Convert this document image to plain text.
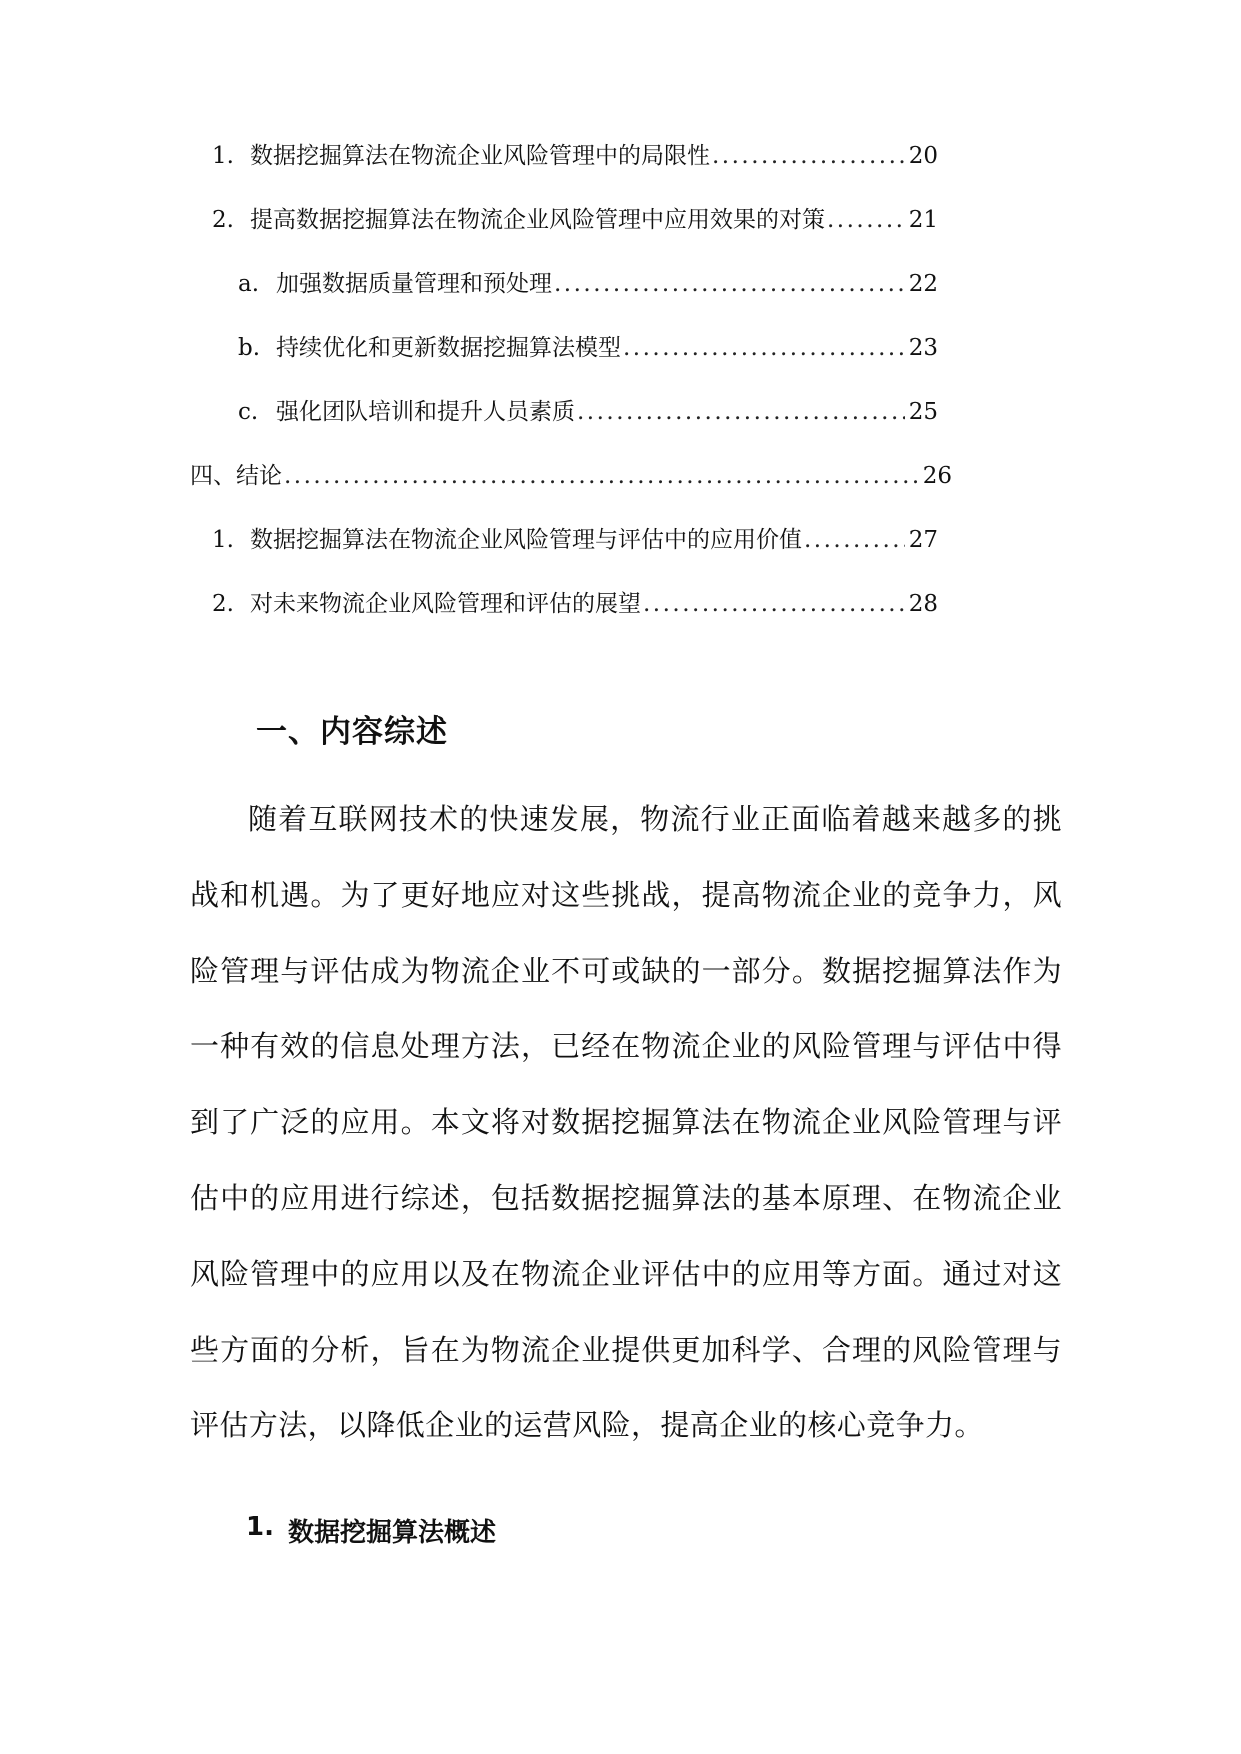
1. 数据挖掘算法在物流企业风险管理中的局限性 .....	20
2. 提高数据挖掘算法在物流企业风险管理中应用效果的对策 .....	21
a. 加强数据质量管理和预处理 .....	22
b. 持续优化和更新数据挖掘算法模型 .....	23
c. 强化团队培训和提升人员素质 .....	25
四、结论 .....	26
1. 数据挖掘算法在物流企业风险管理与评估中的应用价值 .....	27
2. 对未来物流企业风险管理和评估的展望 .....	28
一、内容综述

随着互联网技术的快速发展，物流行业正面临着越来越多的挑战和机遇。为了更好地应对这些挑战，提高物流企业的竞争力，风险管理与评估成为物流企业不可或缺的一部分。数据挖掘算法作为一种有效的信息处理方法，已经在物流企业的风险管理与评估中得到了广泛的应用。本文将对数据挖掘算法在物流企业风险管理与评估中的应用进行综述，包括数据挖掘算法的基本原理、在物流企业风险管理中的应用以及在物流企业评估中的应用等方面。通过对这些方面的分析，旨在为物流企业提供更加科学、合理的风险管理与评估方法，以降低企业的运营风险，提高企业的核心竞争力。

1. 数据挖掘算法概述
